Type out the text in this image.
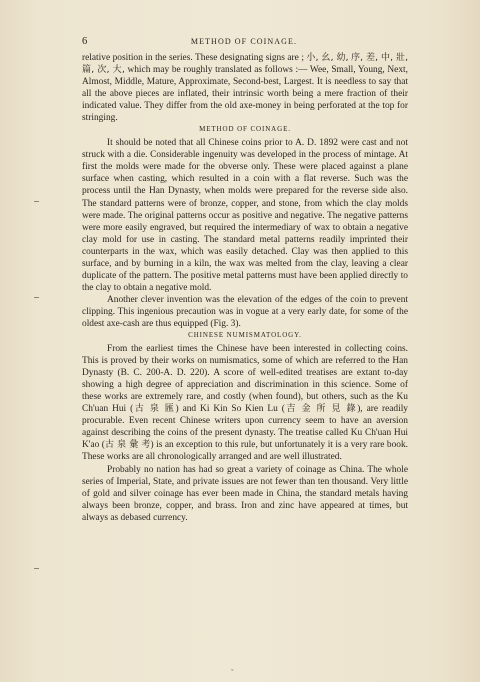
6	METHOD OF COINAGE.

relative position in the series. These designating signs are ; 小, 幺, 幼, 序, 差, 中, 壯, 篇, 次, 大, which may be roughly translated as follows :— Wee, Small, Young, Next, Almost, Middle, Mature, Approximate, Second-best, Largest. It is needless to say that all the above pieces are inflated, their intrinsic worth being a mere fraction of their indicated value. They differ from the old axe-money in being perforated at the top for stringing.

METHOD OF COINAGE.

It should be noted that all Chinese coins prior to A. D. 1892 were cast and not struck with a die. Considerable ingenuity was developed in the process of mintage. At first the molds were made for the obverse only. These were placed against a plane surface when casting, which resulted in a coin with a flat reverse. Such was the process until the Han Dynasty, when molds were prepared for the reverse side also. The standard patterns were of bronze, copper, and stone, from which the clay molds were made. The original patterns occur as positive and negative. The negative patterns were more easily engraved, but required the intermediary of wax to obtain a negative clay mold for use in casting. The standard metal patterns readily imprinted their counterparts in the wax, which was easily detached. Clay was then applied to this surface, and by burning in a kiln, the wax was melted from the clay, leaving a clear duplicate of the pattern. The positive metal patterns must have been applied directly to the clay to obtain a negative mold.

Another clever invention was the elevation of the edges of the coin to prevent clipping. This ingenious precaution was in vogue at a very early date, for some of the oldest axe-cash are thus equipped (Fig. 3).

CHINESE NUMISMATOLOGY.

From the earliest times the Chinese have been interested in collecting coins. This is proved by their works on numismatics, some of which are referred to the Han Dynasty (B. C. 200-A. D. 220). A score of well-edited treatises are extant to-day showing a high degree of appreciation and discrimination in this science. Some of these works are extremely rare, and costly (when found), but others, such as the Ku Ch'uan Hui (古 泉 匯) and Ki Kin So Kien Lu (吉 金 所 見 錄), are readily procurable. Even recent Chinese writers upon currency seem to have an aversion against describing the coins of the present dynasty. The treatise called Ku Ch'uan Hui K'ao (古 泉 彙 考) is an exception to this rule, but unfortunately it is a very rare book. These works are all chronologically arranged and are well illustrated.

Probably no nation has had so great a variety of coinage as China. The whole series of Imperial, State, and private issues are not fewer than ten thousand. Very little of gold and silver coinage has ever been made in China, the standard metals having always been bronze, copper, and brass. Iron and zinc have appeared at times, but always as debased currency.

ˇ
